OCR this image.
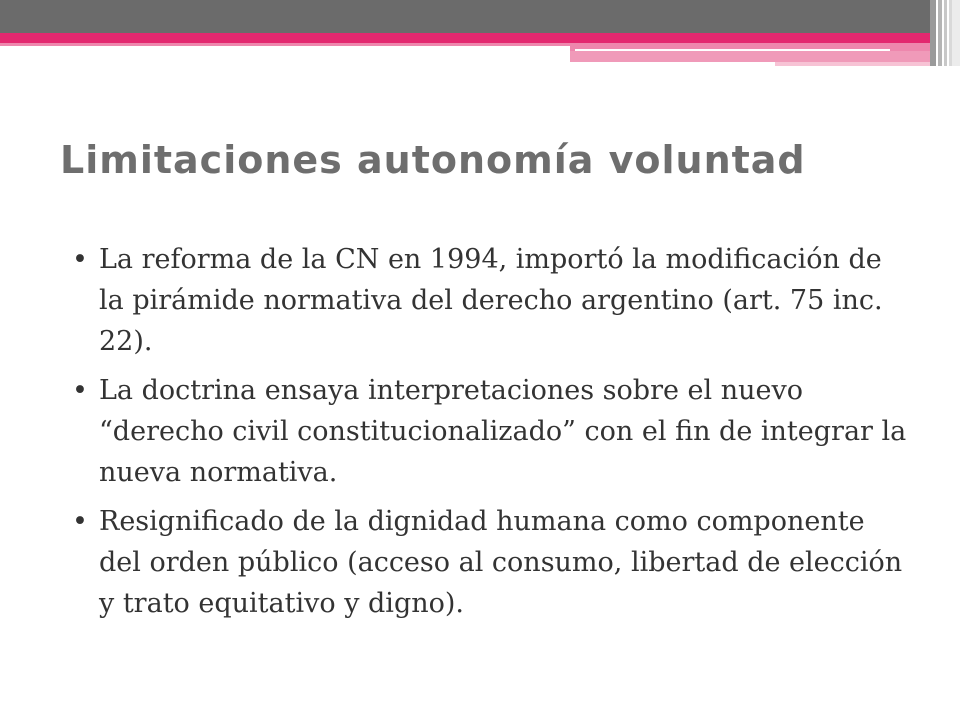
Limitaciones autonomía voluntad
• La reforma de la CN en 1994, importó la modificación de la pirámide normativa del derecho argentino (art. 75 inc. 22).
• La doctrina ensaya interpretaciones sobre el nuevo “derecho civil constitucionalizado” con el fin de integrar la nueva normativa.
• Resignificado de la dignidad humana como componente del orden público (acceso al consumo, libertad de elección y trato equitativo y digno).
